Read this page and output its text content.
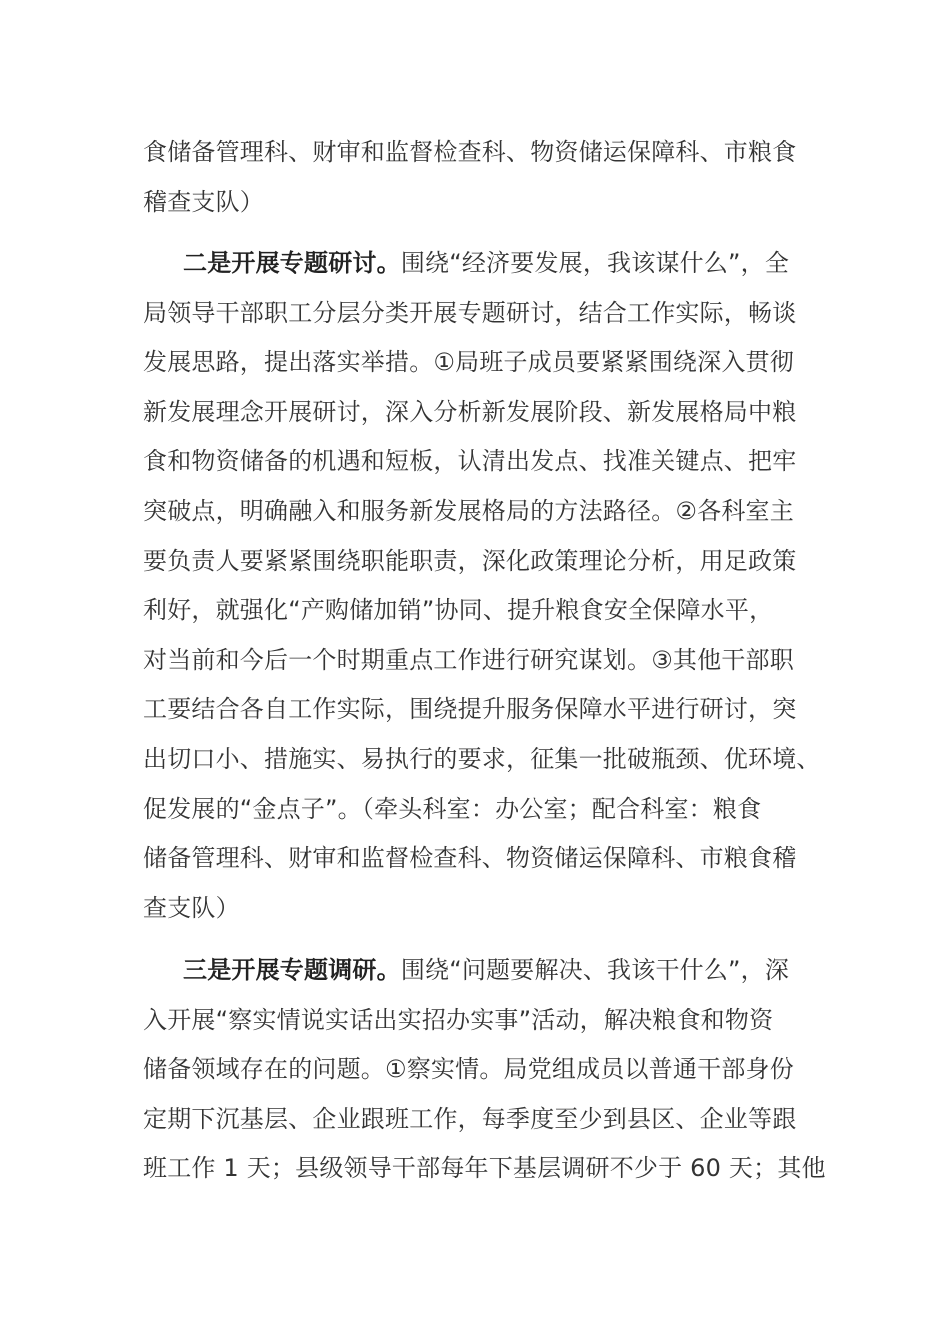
食储备管理科、财审和监督检查科、物资储运保障科、市粮食
稽查支队）
二是开展专题研讨。围绕“经济要发展，我该谋什么”，全
局领导干部职工分层分类开展专题研讨，结合工作实际，畅谈
发展思路，提出落实举措。①局班子成员要紧紧围绕深入贯彻
新发展理念开展研讨，深入分析新发展阶段、新发展格局中粮
食和物资储备的机遇和短板，认清出发点、找准关键点、把牢
突破点，明确融入和服务新发展格局的方法路径。②各科室主
要负责人要紧紧围绕职能职责，深化政策理论分析，用足政策
利好，就强化“产购储加销”协同、提升粮食安全保障水平，
对当前和今后一个时期重点工作进行研究谋划。③其他干部职
工要结合各自工作实际，围绕提升服务保障水平进行研讨，突
出切口小、措施实、易执行的要求，征集一批破瓶颈、优环境、
促发展的“金点子”。（牵头科室：办公室；配合科室：粮食
储备管理科、财审和监督检查科、物资储运保障科、市粮食稽
查支队）
三是开展专题调研。围绕“问题要解决、我该干什么”，深
入开展“察实情说实话出实招办实事”活动，解决粮食和物资
储备领域存在的问题。①察实情。局党组成员以普通干部身份
定期下沉基层、企业跟班工作，每季度至少到县区、企业等跟
班工作 1 天；县级领导干部每年下基层调研不少于 60 天；其他
